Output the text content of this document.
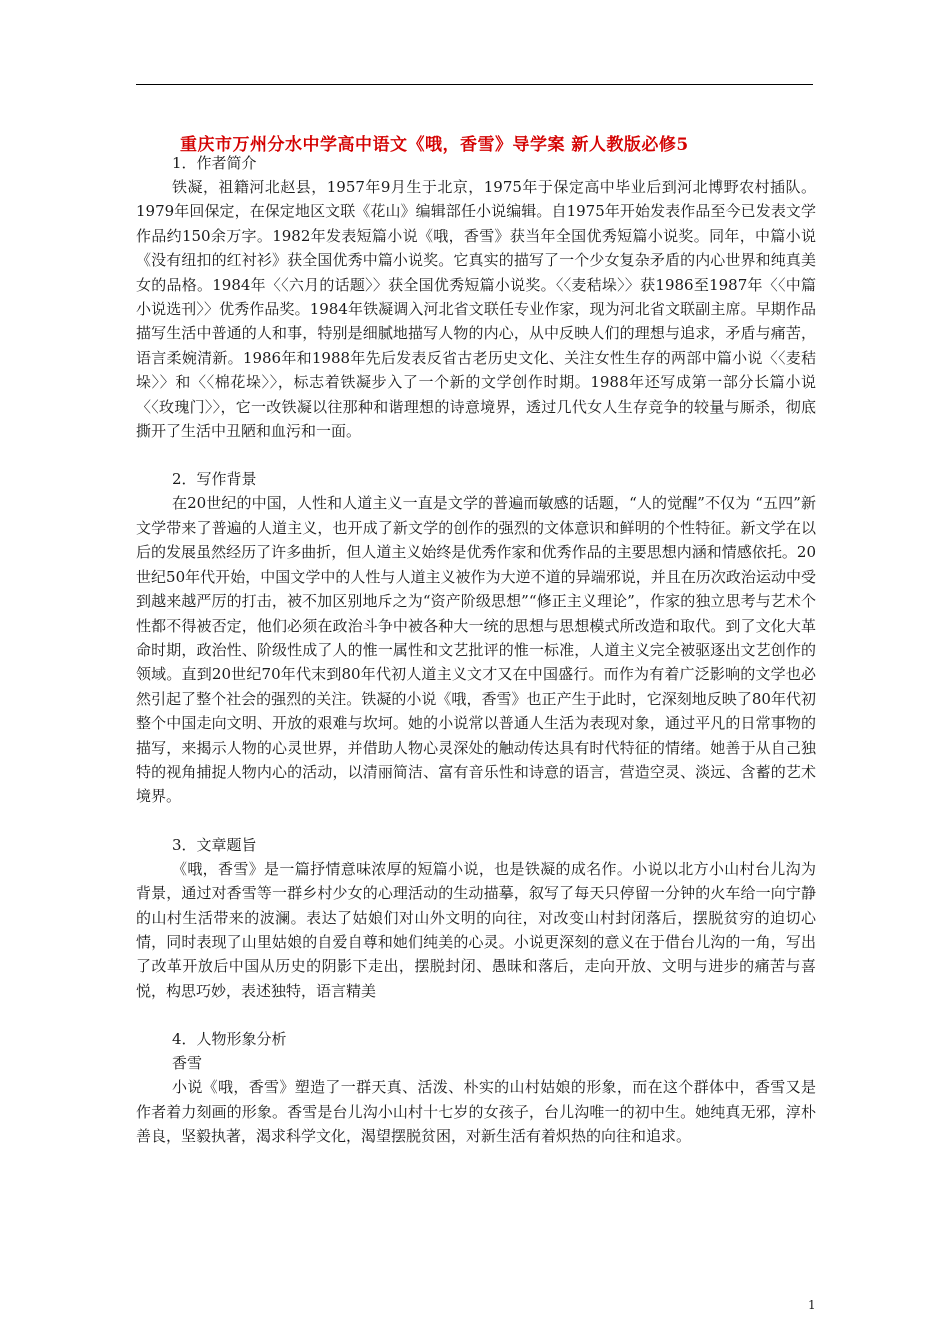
重庆市万州分水中学高中语文《哦，香雪》导学案 新人教版必修5
1．作者简介

铁凝，祖籍河北赵县，1957年9月生于北京，1975年于保定高中毕业后到河北博野农村插队。1979年回保定，在保定地区文联《花山》编辑部任小说编辑。自1975年开始发表作品至今已发表文学作品约150余万字。1982年发表短篇小说《哦，香雪》获当年全国优秀短篇小说奖。同年，中篇小说《没有纽扣的红衬衫》获全国优秀中篇小说奖。它真实的描写了一个少女复杂矛盾的内心世界和纯真美女的品格。1984年〈〈六月的话题〉〉获全国优秀短篇小说奖。〈〈麦秸垛〉〉获1986至1987年〈〈中篇小说选刊〉〉优秀作品奖。1984年铁凝调入河北省文联任专业作家，现为河北省文联副主席。早期作品描写生活中普通的人和事，特别是细腻地描写人物的内心，从中反映人们的理想与追求，矛盾与痛苦，语言柔婉清新。1986年和1988年先后发表反省古老历史文化、关注女性生存的两部中篇小说〈〈麦秸垛〉〉和〈〈棉花垛〉〉，标志着铁凝步入了一个新的文学创作时期。1988年还写成第一部分长篇小说〈〈玫瑰门〉〉，它一改铁凝以往那种和谐理想的诗意境界，透过几代女人生存竞争的较量与厮杀，彻底撕开了生活中丑陋和血污和一面。

2．写作背景

在20世纪的中国，人性和人道主义一直是文学的普遍而敏感的话题，“人的觉醒”不仅为 “五四”新文学带来了普遍的人道主义，也开成了新文学的创作的强烈的文体意识和鲜明的个性特征。新文学在以后的发展虽然经历了许多曲折，但人道主义始终是优秀作家和优秀作品的主要思想内涵和情感依托。20世纪50年代开始，中国文学中的人性与人道主义被作为大逆不道的异端邪说，并且在历次政治运动中受到越来越严厉的打击，被不加区别地斥之为“资产阶级思想”“修正主义理论”，作家的独立思考与艺术个性都不得被否定，他们必须在政治斗争中被各种大一统的思想与思想模式所改造和取代。到了文化大革命时期，政治性、阶级性成了人的惟一属性和文艺批评的惟一标准，人道主义完全被驱逐出文艺创作的领域。直到20世纪70年代末到80年代初人道主义文才又在中国盛行。而作为有着广泛影响的文学也必然引起了整个社会的强烈的关注。铁凝的小说《哦，香雪》也正产生于此时，它深刻地反映了80年代初整个中国走向文明、开放的艰难与坎坷。她的小说常以普通人生活为表现对象，通过平凡的日常事物的描写，来揭示人物的心灵世界，并借助人物心灵深处的触动传达具有时代特征的情绪。她善于从自己独特的视角捕捉人物内心的活动，以清丽简洁、富有音乐性和诗意的语言，营造空灵、淡远、含蓄的艺术境界。

3．文章题旨

《哦，香雪》是一篇抒情意味浓厚的短篇小说，也是铁凝的成名作。小说以北方小山村台儿沟为背景，通过对香雪等一群乡村少女的心理活动的生动描摹，叙写了每天只停留一分钟的火车给一向宁静的山村生活带来的波澜。表达了姑娘们对山外文明的向往，对改变山村封闭落后，摆脱贫穷的迫切心情，同时表现了山里姑娘的自爱自尊和她们纯美的心灵。小说更深刻的意义在于借台儿沟的一角，写出了改革开放后中国从历史的阴影下走出，摆脱封闭、愚昧和落后，走向开放、文明与进步的痛苦与喜悦，构思巧妙，表述独特，语言精美

4．人物形象分析
香雪

小说《哦，香雪》塑造了一群天真、活泼、朴实的山村姑娘的形象，而在这个群体中，香雪又是作者着力刻画的形象。香雪是台儿沟小山村十七岁的女孩子，台儿沟唯一的初中生。她纯真无邪，淳朴善良，坚毅执著，渴求科学文化，渴望摆脱贫困，对新生活有着炽热的向往和追求。

1
